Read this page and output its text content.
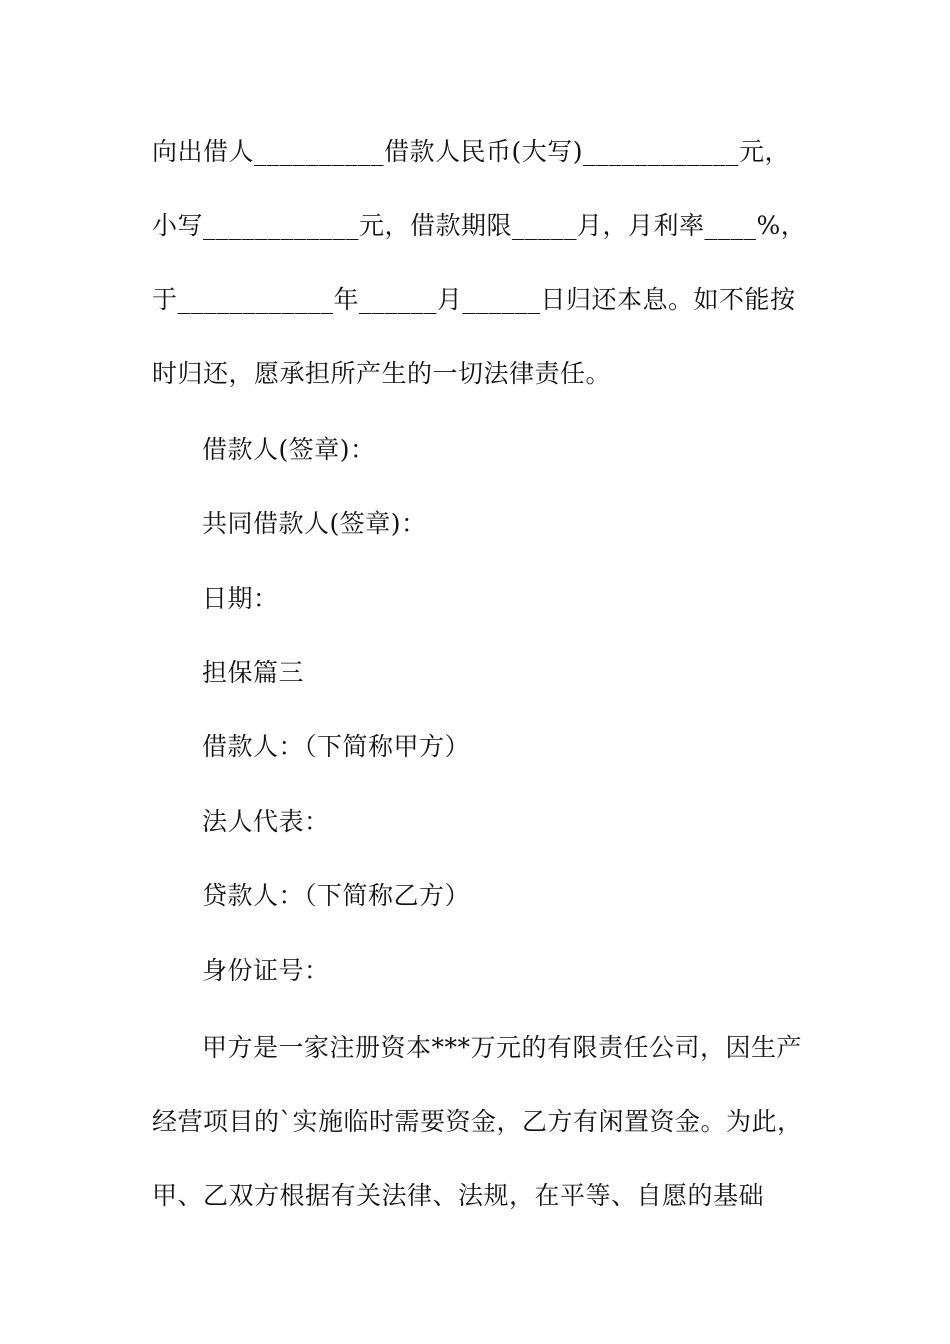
向出借人__________借款人民币(大写)____________元，
小写____________元，借款期限_____月，月利率____%，
于____________年______月______日归还本息。如不能按
时归还，愿承担所产生的一切法律责任。
借款人(签章)：
共同借款人(签章)：
日期：
担保篇三
借款人：（下简称甲方）
法人代表：
贷款人：（下简称乙方）
身份证号：
甲方是一家注册资本***万元的有限责任公司，因生产
经营项目的`实施临时需要资金，乙方有闲置资金。为此，
甲、乙双方根据有关法律、法规，在平等、自愿的基础
